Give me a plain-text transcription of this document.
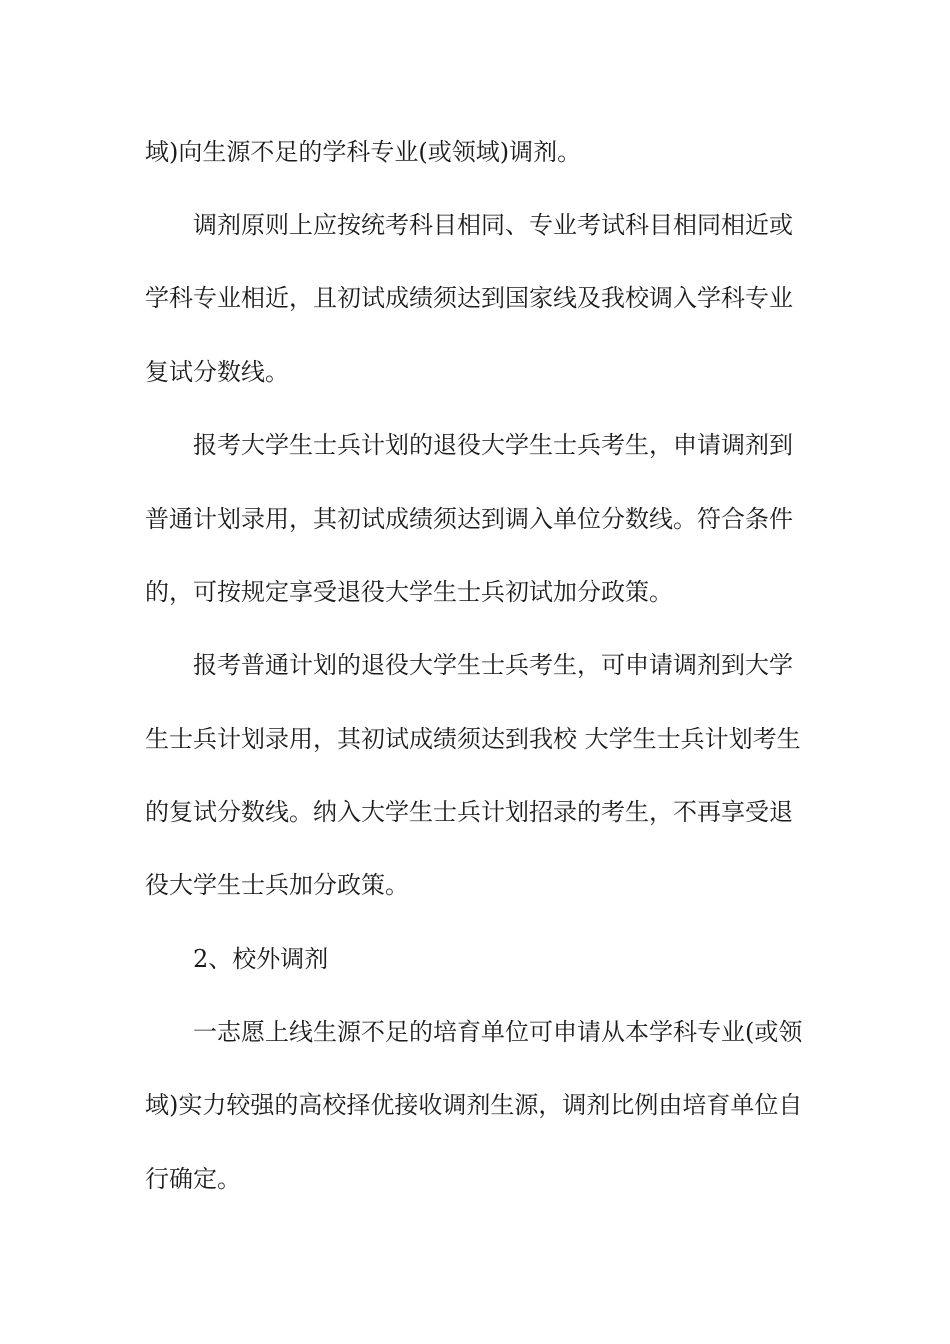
域)向生源不足的学科专业(或领域)调剂。
调剂原则上应按统考科目相同、专业考试科目相同相近或
学科专业相近，且初试成绩须达到国家线及我校调入学科专业
复试分数线。
报考大学生士兵计划的退役大学生士兵考生，申请调剂到
普通计划录用，其初试成绩须达到调入单位分数线。符合条件
的，可按规定享受退役大学生士兵初试加分政策。
报考普通计划的退役大学生士兵考生，可申请调剂到大学
生士兵计划录用，其初试成绩须达到我校 大学生士兵计划考生
的复试分数线。纳入大学生士兵计划招录的考生，不再享受退
役大学生士兵加分政策。
2、校外调剂
一志愿上线生源不足的培育单位可申请从本学科专业(或领
域)实力较强的高校择优接收调剂生源，调剂比例由培育单位自
行确定。
